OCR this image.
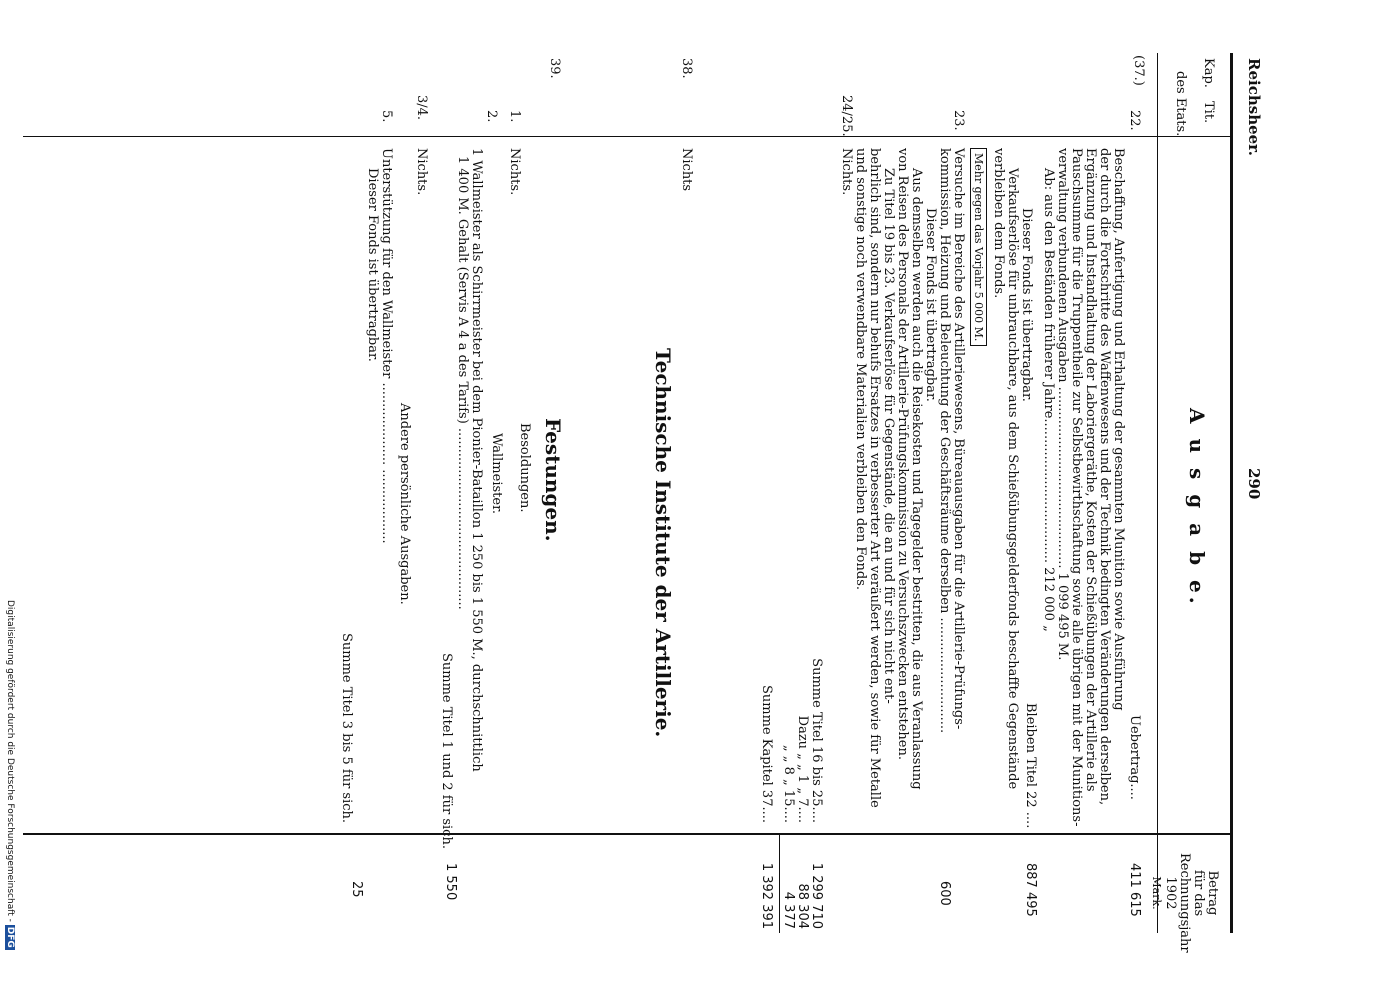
Reichsheer.
290
Kap.
Tit.
des Etats.
A u s g a b e.
Betrag
für das
Rechnungsjahr
1902
Mark.
(37.)
22.
Uebertrag....
411 615
Beschaffung, Anfertigung und Erhaltung der gesammten Munition sowie Ausführung
der durch die Fortschritte des Waffenwesens und der Technik bedingten Veränderungen derselben,
Ergänzung und Instandhaltung der Laboriergeräthe, Kosten der Schießübungen der Artillerie als
Pauschsumme für die Truppentheile zur Selbstbewirthschaftung sowie alle übrigen mit der Munitions-
verwaltung verbundenen Ausgaben ............................................ 1 099 495 M.
Ab: aus den Beständen früherer Jahre................................... 212 000 „
Bleiben Titel 22 ....
887 495
Dieser Fonds ist übertragbar.
Verkaufserlöse für unbrauchbare, aus dem Schießübungsgelderfonds beschaffte Gegenstände
verbleiben dem Fonds.
Mehr gegen das Vorjahr 5 000 M.
23.
Versuche im Bereiche des Artilleriewesens, Büreauausgaben für die Artillerie-Prüfungs-
kommission, Heizung und Beleuchtung der Geschäftsräume derselben ............................
Dieser Fonds ist übertragbar.
Aus demselben werden auch die Reisekosten und Tagegelder bestritten, die aus Veranlassung
von Reisen des Personals der Artillerie-Prüfungskommission zu Versuchszwecken entstehen.
Zu Titel 19 bis 23. Verkaufserlöse für Gegenstände, die an und für sich nicht ent-
behrlich sind, sondern nur behufs Ersatzes in verbesserter Art veräußert werden, sowie für Metalle
und sonstige noch verwendbare Materialien verbleiben den Fonds.
600
24/25.
Nichts.
Summe Titel 16 bis 25....
Dazu „ „ 1 „ 7....
„ „ 8 „ 15....
Summe Kapitel 37....
1 299 710
88 304
4 377
1 392 391
38.
Nichts
Technische Institute der Artillerie.
39.
Festungen.
Besoldungen.
1.
Nichts.
2.
Wallmeister.
1 Wallmeister als Schirrmeister bei dem Pionier-Bataillon 1 250 bis 1 550 M., durchschnittlich
1 400 M. Gehalt (Servis A 4 a des Tarifs) ............................................
Summe Titel 1 und 2 für sich.
1 550
3/4.
Nichts.
Andere persönliche Ausgaben.
5.
Unterstützung für den Wallmeister .................... ..................
Dieser Fonds ist übertragbar.
Summe Titel 3 bis 5 für sich.
25
Digitalisierung gefördert durch die Deutsche Forschungsgemeinschaft - DFG
